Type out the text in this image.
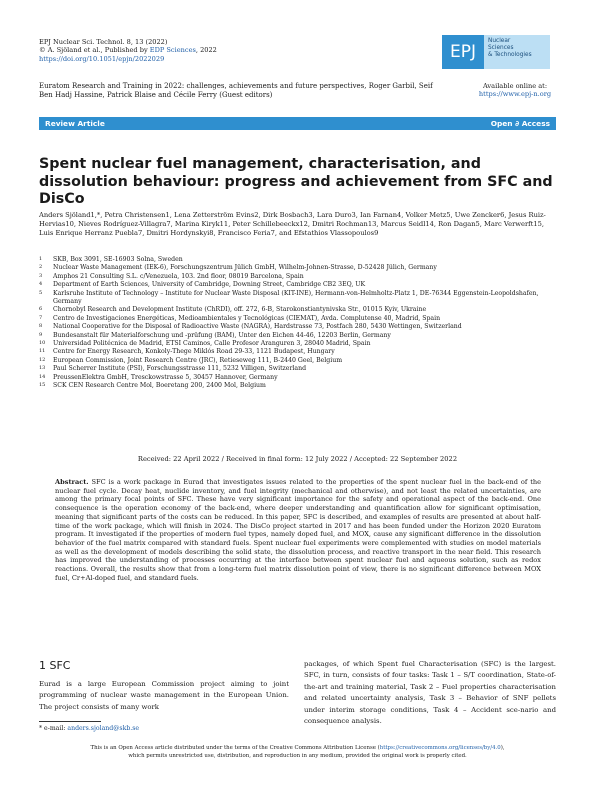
EPJ Nuclear Sci. Technol. 8, 13 (2022)
© A. Sjöland et al., Published by EDP Sciences, 2022
https://doi.org/10.1051/epjn/2022029	EPJ
Nuclear
Sciences
& Technologies
Euratom Research and Training in 2022: challenges, achievements and future perspectives, Roger Garbil, Seif Ben Hadj Hassine, Patrick Blaise and Cécile Ferry (Guest editors)
Available online at:
https://www.epj-n.org
Review Article	Open ∂ Access
Spent nuclear fuel management, characterisation, and dissolution behaviour: progress and achievement from SFC and DisCo
Anders Sjöland1,*, Petra Christensen1, Lena Zetterström Evins2, Dirk Bosbach3, Lara Duro3, Ian Farnan4, Volker Metz5, Uwe Zencker6, Jesus Ruiz-Hervias10, Nieves Rodríguez-Villagra7, Marina Kiryk11, Peter Schillebeeckx12, Dmitri Rochman13, Marcus Seidl14, Ron Dagan5, Marc Verwerft15, Luis Enrique Herranz Puebla7, Dmitri Hordynskyi8, Francisco Feria7, and Efstathios Vlassopoulos9
1	SKB, Box 3091, SE-16903 Solna, Sweden
2	Nuclear Waste Management (IEK-6), Forschungszentrum Jülich GmbH, Wilhelm-Johnen-Strasse, D-52428 Jülich, Germany
3	Amphos 21 Consulting S.L. c/Venezuela, 103. 2nd floor, 08019 Barcelona, Spain
4	Department of Earth Sciences, University of Cambridge, Downing Street, Cambridge CB2 3EQ, UK
5	Karlsruhe Institute of Technology – Institute for Nuclear Waste Disposal (KIT-INE), Hermann-von-Helmholtz-Platz 1, DE-76344 Eggenstein-Leopoldshafen, Germany
6	Chornobyl Research and Development Institute (ChRDI), off. 272, 6-B, Starokonstiantynivska Str., 01015 Kyiv, Ukraine
7	Centro de Investigaciones Energéticas, Medioambientales y Tecnológicas (CIEMAT), Avda. Complutense 40, Madrid, Spain
8	National Cooperative for the Disposal of Radioactive Waste (NAGRA), Hardstrasse 73, Postfach 280, 5430 Wettingen, Switzerland
9	Bundesanstalt für Materialforschung und -prüfung (BAM), Unter den Eichen 44-46, 12203 Berlin, Germany
10	Universidad Politécnica de Madrid, ETSI Caminos, Calle Profesor Aranguren 3, 28040 Madrid, Spain
11	Centre for Energy Research, Konkoly-Thege Miklós Road 29-33, 1121 Budapest, Hungary
12	European Commission, Joint Research Centre (JRC), Retieseweg 111, B-2440 Geel, Belgium
13	Paul Scherrer Institute (PSI), Forschungsstrasse 111, 5232 Villigen, Switzerland
14	PreussenElektra GmbH, Tresckowstrasse 5, 30457 Hannover, Germany
15	SCK CEN Research Centre Mol, Boeretang 200, 2400 Mol, Belgium
Received: 22 April 2022 / Received in final form: 12 July 2022 / Accepted: 22 September 2022
Abstract. SFC is a work package in Eurad that investigates issues related to the properties of the spent nuclear fuel in the back-end of the nuclear fuel cycle. Decay heat, nuclide inventory, and fuel integrity (mechanical and otherwise), and not least the related uncertainties, are among the primary focal points of SFC. These have very significant importance for the safety and operational aspect of the back-end. One consequence is the operation economy of the back-end, where deeper understanding and quantification allow for significant optimisation, meaning that significant parts of the costs can be reduced. In this paper, SFC is described, and examples of results are presented at about half-time of the work package, which will finish in 2024. The DisCo project started in 2017 and has been funded under the Horizon 2020 Euratom program. It investigated if the properties of modern fuel types, namely doped fuel, and MOX, cause any significant difference in the dissolution behavior of the fuel matrix compared with standard fuels. Spent nuclear fuel experiments were complemented with studies on model materials as well as the development of models describing the solid state, the dissolution process, and reactive transport in the near field. This research has improved the understanding of processes occurring at the interface between spent nuclear fuel and aqueous solution, such as redox reactions. Overall, the results show that from a long-term fuel matrix dissolution point of view, there is no significant difference between MOX fuel, Cr+Al-doped fuel, and standard fuels.
1 SFC
Eurad is a large European Commission project aiming to joint programming of nuclear waste management in the European Union. The project consists of many work
packages, of which Spent fuel Characterisation (SFC) is the largest. SFC, in turn, consists of four tasks: Task 1 – S/T coordination, State-of-the-art and training material, Task 2 – Fuel properties characterisation and related uncertainty analysis, Task 3 – Behavior of SNF pellets under interim storage conditions, Task 4 – Accident sce-nario and consequence analysis.
* e-mail: anders.sjoland@skb.se
This is an Open Access article distributed under the terms of the Creative Commons Attribution License (https://creativecommons.org/licenses/by/4.0),
which permits unrestricted use, distribution, and reproduction in any medium, provided the original work is properly cited.
